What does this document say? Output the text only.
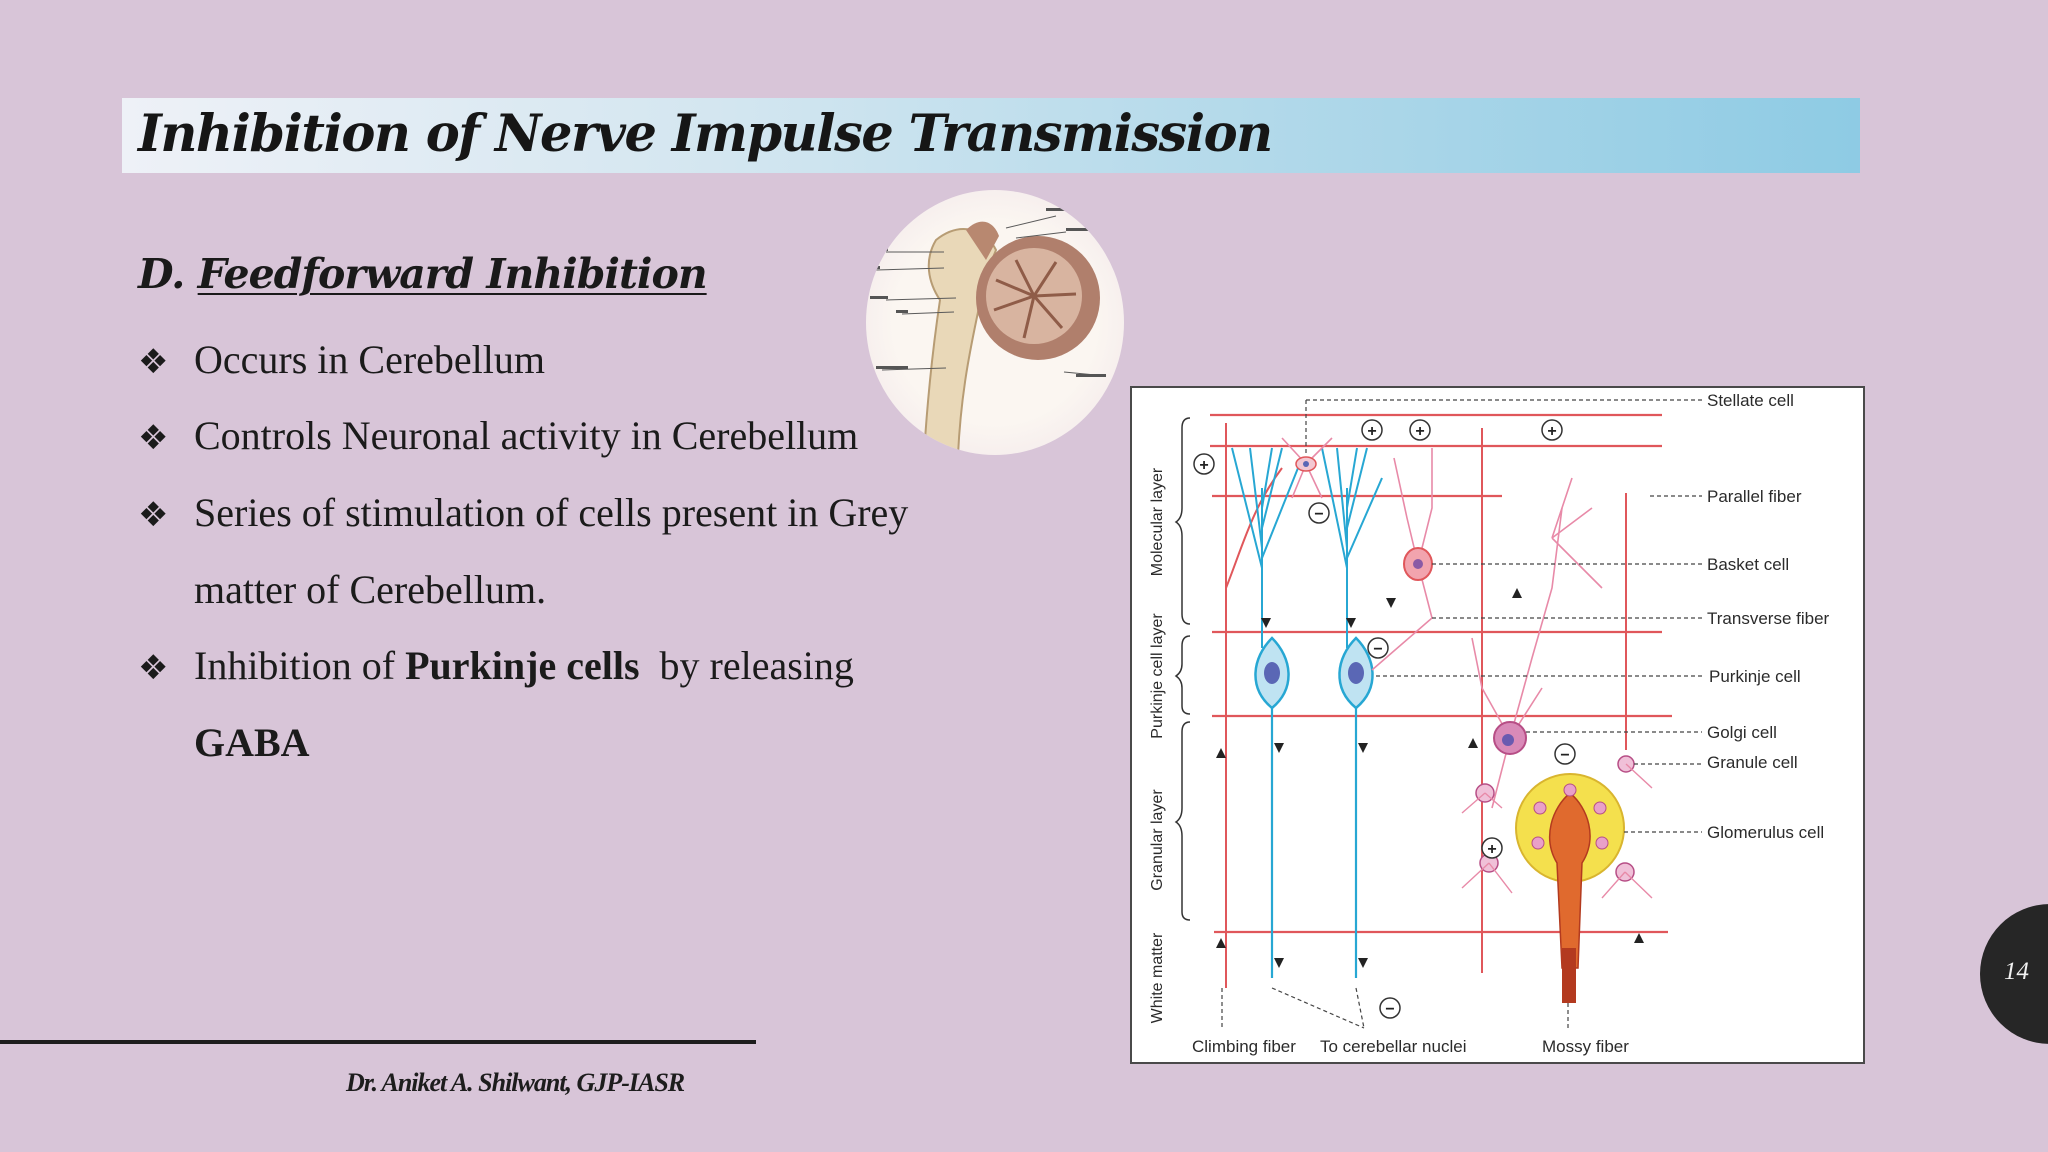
Inhibition of Nerve Impulse Transmission
D. Feedforward Inhibition
❖ Occurs in Cerebellum
❖ Controls Neuronal activity in Cerebellum
❖ Series of stimulation of cells present in Grey
matter of Cerebellum.
❖ Inhibition of Purkinje cells  by releasing
GABA
+ +	+
+
+
−
−
−
−
Stellate cell
Parallel fiber
Basket cell
Transverse fiber
Purkinje cell
Golgi cell
Granule cell
Glomerulus cell
Climbing fiber To cerebellar nuclei	Mossy fiber
Molecular layer
Purkinje cell layer
Granular layer
White matter
Dr. Aniket A. Shilwant, GJP-IASR
14
